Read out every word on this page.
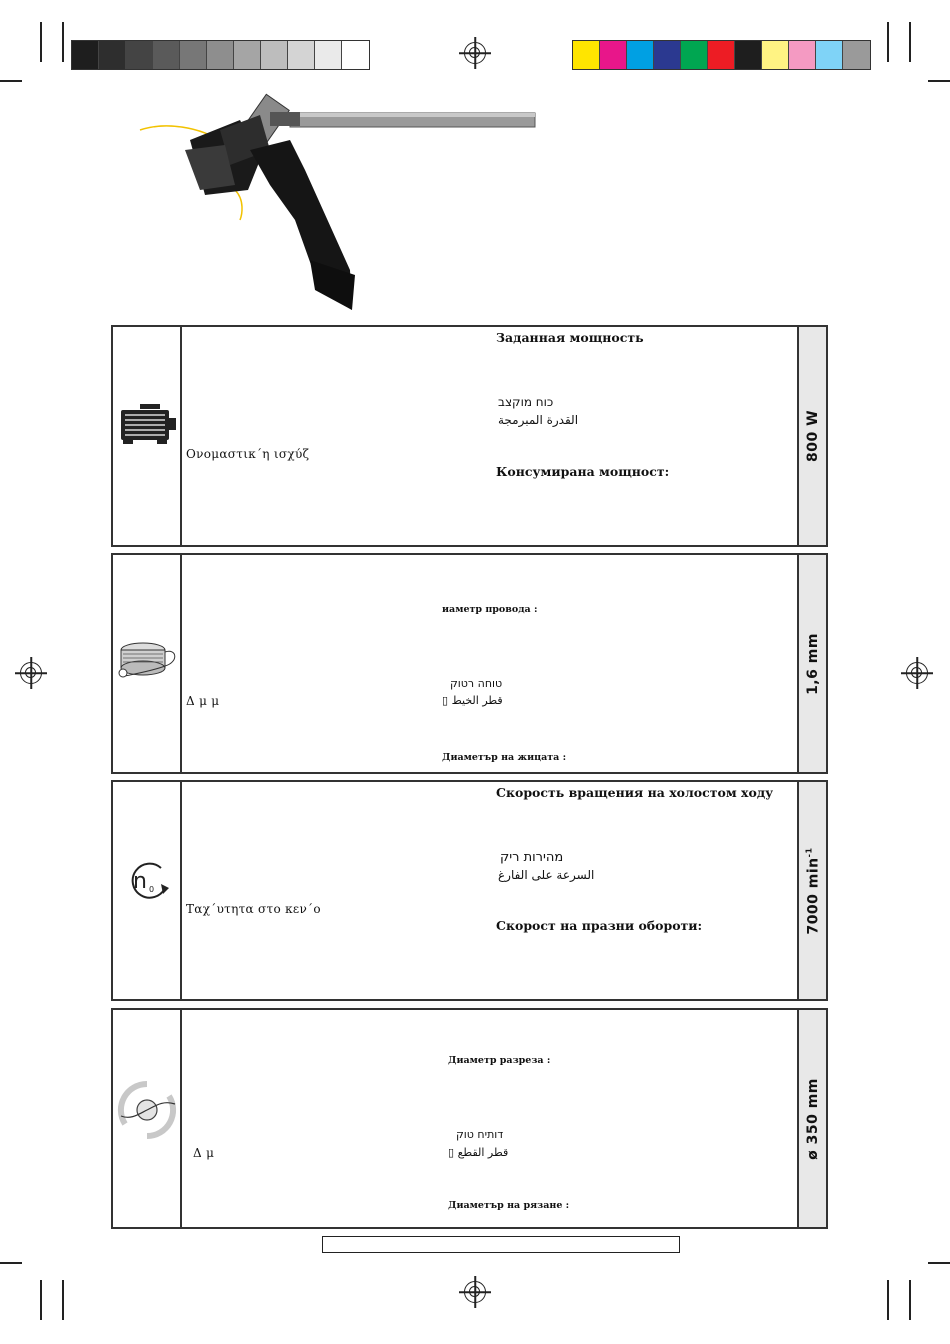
Ονομαστικ΄η ισχύζ
Заданная мощность
כוח מוקצב
القدرة المبرمجة
Консумирана мощност:
800 W
Δ μ μ
иаметр провода :
טוחה רטוק
▯ قطر الخيط
Диаметър на жицата :
1,6 mm
n 0
Ταχ΄υτητα στο κεν΄ο
Скорость вращения на холостом ходу
מהירות ריק
السرعة على الفارغ
Скорост на празни обороти:	7000 $\min^{-1}$
Δ μ
Диаметр разреза :
דותיח טוק
▯ قطر القطع
Диаметър на рязане :
ø 350 mm
